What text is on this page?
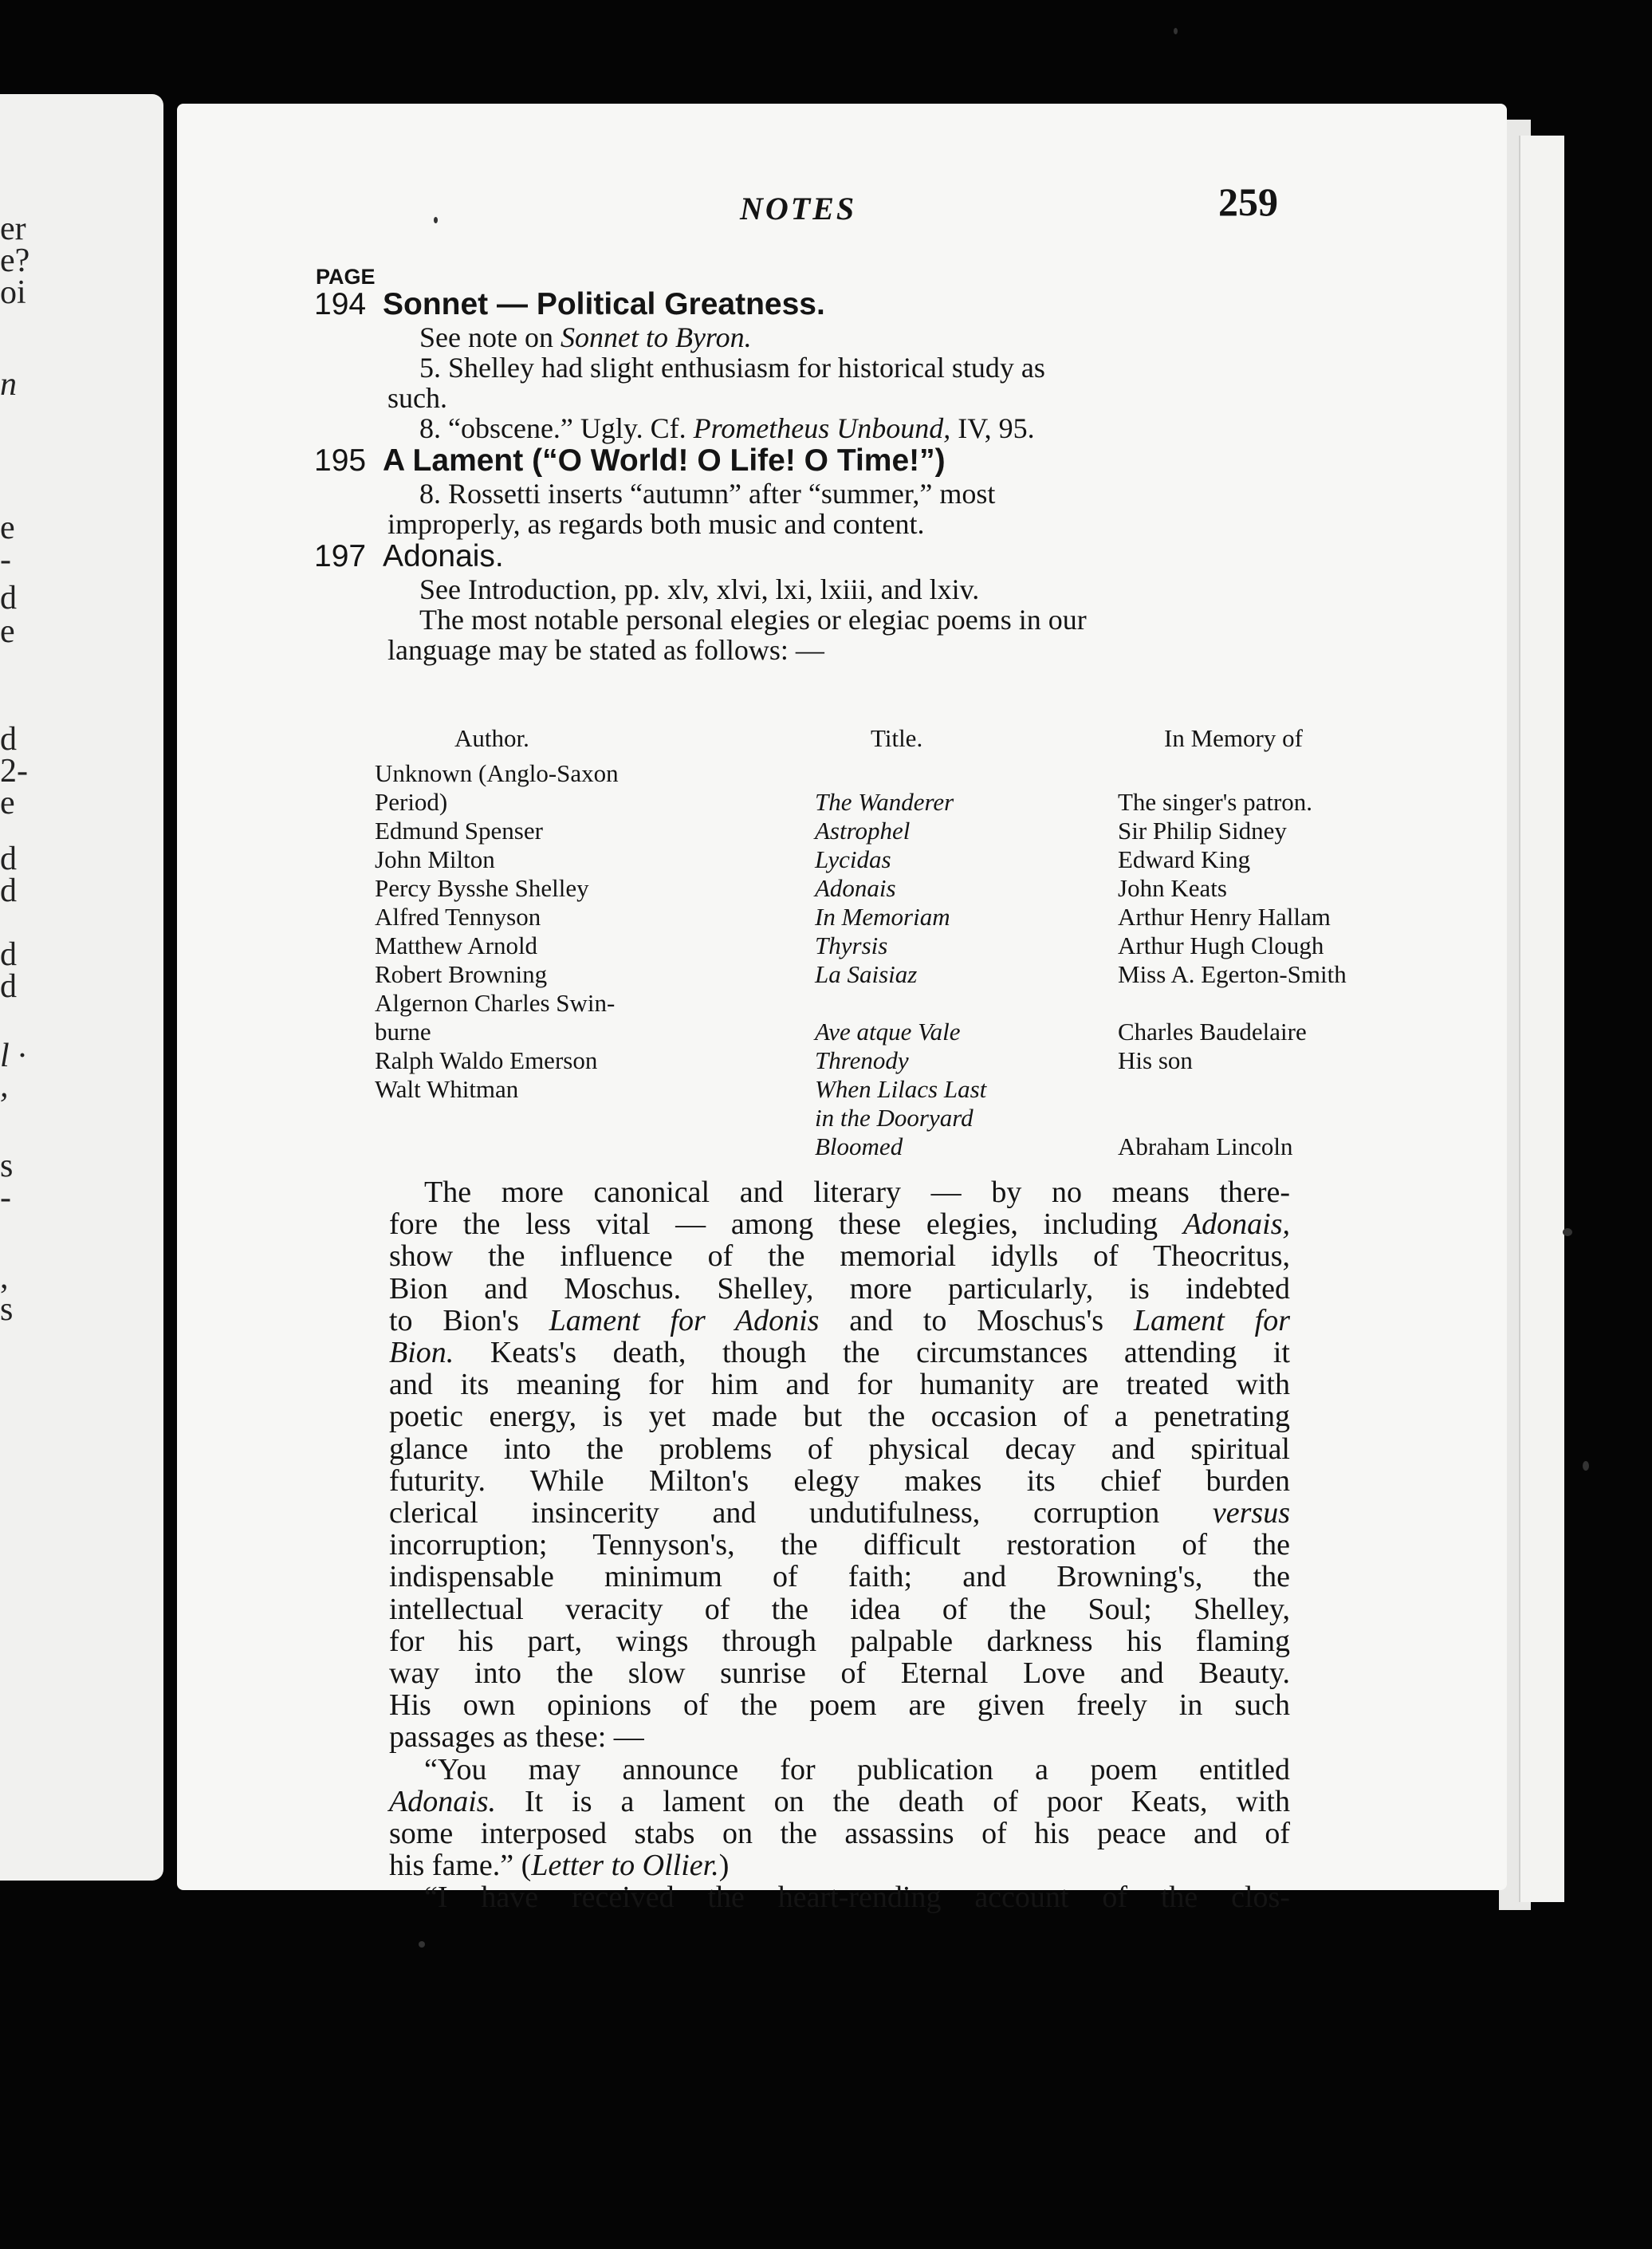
er
e?
oi
n
e
-
d
e
d
2-
e
d
d
d
d
l ·
,
s
-
,
s
NOTES	259
PAGE
194 Sonnet — Political Greatness.
See note on Sonnet to Byron.
5. Shelley had slight enthusiasm for historical study as
such.
8. “obscene.” Ugly. Cf. Prometheus Unbound, IV, 95.
195 A Lament (“O World! O Life! O Time!”)
8. Rossetti inserts “autumn” after “summer,” most
improperly, as regards both music and content.
197 Adonais.
See Introduction, pp. xlv, xlvi, lxi, lxiii, and lxiv.
The most notable personal elegies or elegiac poems in our
language may be stated as follows: —
Author.	Title.	In Memory of
Unknown (Anglo-Saxon		
Period)	The Wanderer	The singer's patron.
Edmund Spenser	Astrophel	Sir Philip Sidney
John Milton	Lycidas	Edward King
Percy Bysshe Shelley	Adonais	John Keats
Alfred Tennyson	In Memoriam	Arthur Henry Hallam
Matthew Arnold	Thyrsis	Arthur Hugh Clough
Robert Browning	La Saisiaz	Miss A. Egerton-Smith
Algernon Charles Swin-		
burne	Ave atque Vale	Charles Baudelaire
Ralph Waldo Emerson	Threnody	His son
Walt Whitman	When Lilacs Last	
	in the Dooryard	
	Bloomed	Abraham Lincoln
The more canonical and literary — by no means there-
fore the less vital — among these elegies, including Adonais,
show the influence of the memorial idylls of Theocritus,
Bion and Moschus. Shelley, more particularly, is indebted
to Bion's Lament for Adonis and to Moschus's Lament for
Bion. Keats's death, though the circumstances attending it
and its meaning for him and for humanity are treated with
poetic energy, is yet made but the occasion of a penetrating
glance into the problems of physical decay and spiritual
futurity. While Milton's elegy makes its chief burden
clerical insincerity and undutifulness, corruption versus
incorruption; Tennyson's, the difficult restoration of the
indispensable minimum of faith; and Browning's, the
intellectual veracity of the idea of the Soul; Shelley,
for his part, wings through palpable darkness his flaming
way into the slow sunrise of Eternal Love and Beauty.
His own opinions of the poem are given freely in such
passages as these: —
“You may announce for publication a poem entitled
Adonais. It is a lament on the death of poor Keats, with
some interposed stabs on the assassins of his peace and of
his fame.” (Letter to Ollier.)
“I have received the heart-rending account of the clos-
